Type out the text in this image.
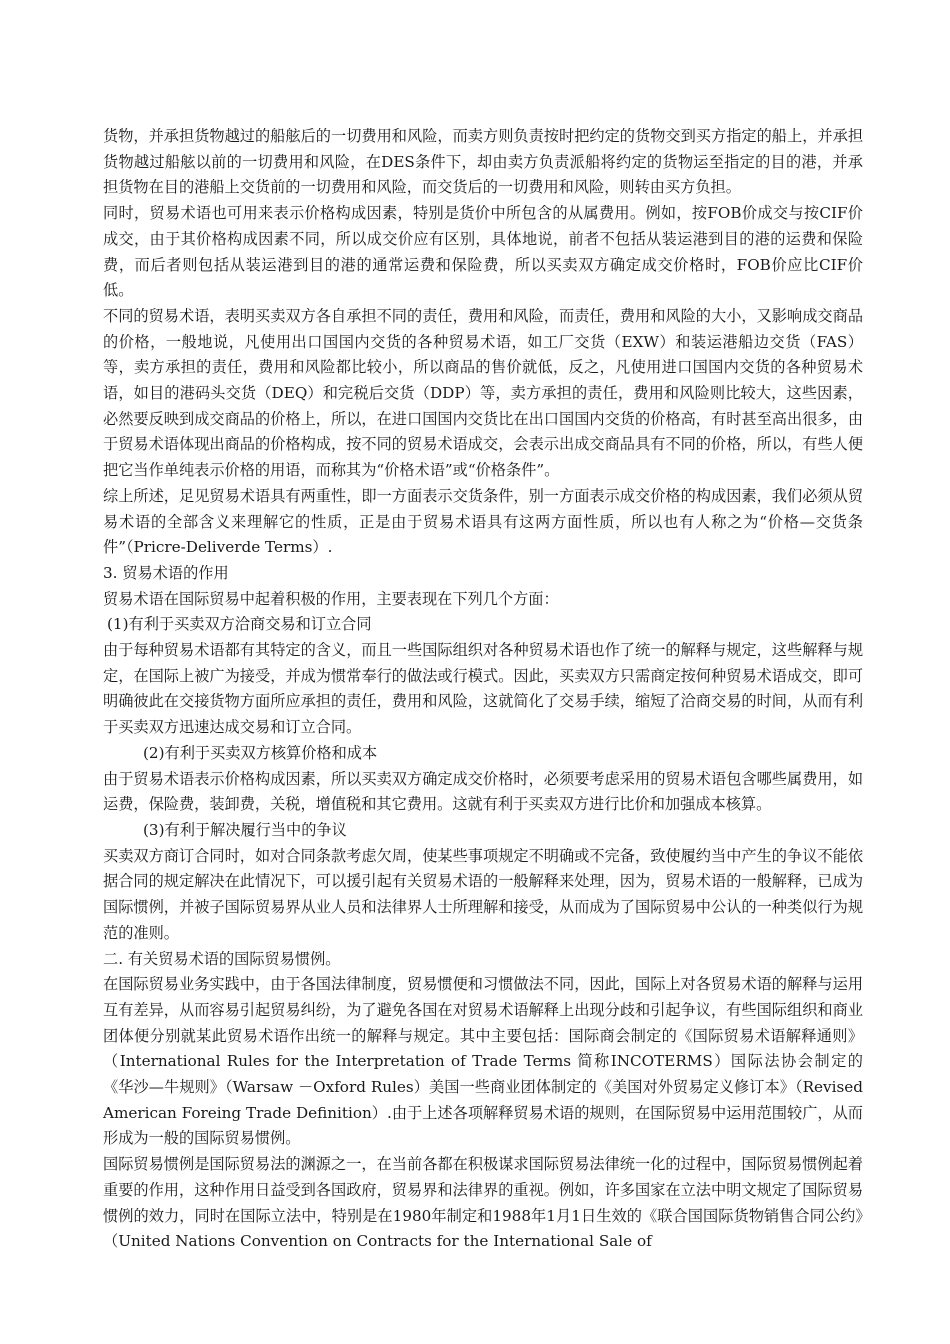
货物，并承担货物越过的船舷后的一切费用和风险，而卖方则负责按时把约定的货物交到买方指定的船上，并承担货物越过船舷以前的一切费用和风险，在DES条件下，却由卖方负责派船将约定的货物运至指定的目的港，并承担货物在目的港船上交货前的一切费用和风险，而交货后的一切费用和风险，则转由买方负担。

同时，贸易术语也可用来表示价格构成因素，特别是货价中所包含的从属费用。例如，按FOB价成交与按CIF价成交，由于其价格构成因素不同，所以成交价应有区别，具体地说，前者不包括从装运港到目的港的运费和保险费，而后者则包括从装运港到目的港的通常运费和保险费，所以买卖双方确定成交价格时，FOB价应比CIF价低。

不同的贸易术语，表明买卖双方各自承担不同的责任，费用和风险，而责任，费用和风险的大小，又影响成交商品的价格，一般地说，凡使用出口国国内交货的各种贸易术语，如工厂交货（EXW）和装运港船边交货（FAS）等，卖方承担的责任，费用和风险都比较小，所以商品的售价就低，反之，凡使用进口国国内交货的各种贸易术语，如目的港码头交货（DEQ）和完税后交货（DDP）等，卖方承担的责任，费用和风险则比较大，这些因素，必然要反映到成交商品的价格上，所以，在进口国国内交货比在出口国国内交货的价格高，有时甚至高出很多，由于贸易术语体现出商品的价格构成，按不同的贸易术语成交，会表示出成交商品具有不同的价格，所以，有些人便把它当作单纯表示价格的用语，而称其为“价格术语”或“价格条件”。

综上所述，足见贸易术语具有两重性，即一方面表示交货条件，别一方面表示成交价格的构成因素，我们必须从贸易术语的全部含义来理解它的性质，正是由于贸易术语具有这两方面性质，所以也有人称之为“价格—交货条件”（Pricre-Deliverde Terms）.

3. 贸易术语的作用

贸易术语在国际贸易中起着积极的作用，主要表现在下列几个方面：

(1)有利于买卖双方洽商交易和订立合同

由于每种贸易术语都有其特定的含义，而且一些国际组织对各种贸易术语也作了统一的解释与规定，这些解释与规定，在国际上被广为接受，并成为惯常奉行的做法或行模式。因此，买卖双方只需商定按何种贸易术语成交，即可明确彼此在交接货物方面所应承担的责任，费用和风险，这就简化了交易手续，缩短了洽商交易的时间，从而有利于买卖双方迅速达成交易和订立合同。

(2)有利于买卖双方核算价格和成本

由于贸易术语表示价格构成因素，所以买卖双方确定成交价格时，必须要考虑采用的贸易术语包含哪些属费用，如运费，保险费，装卸费，关税，增值税和其它费用。这就有利于买卖双方进行比价和加强成本核算。

(3)有利于解决履行当中的争议

买卖双方商订合同时，如对合同条款考虑欠周，使某些事项规定不明确或不完备，致使履约当中产生的争议不能依据合同的规定解决在此情况下，可以援引起有关贸易术语的一般解释来处理，因为，贸易术语的一般解释，已成为国际惯例，并被子国际贸易界从业人员和法律界人士所理解和接受，从而成为了国际贸易中公认的一种类似行为规范的准则。

二. 有关贸易术语的国际贸易惯例。

在国际贸易业务实践中，由于各国法律制度，贸易惯便和习惯做法不同，因此，国际上对各贸易术语的解释与运用互有差异，从而容易引起贸易纠纷，为了避免各国在对贸易术语解释上出现分歧和引起争议，有些国际组织和商业团体便分别就某此贸易术语作出统一的解释与规定。其中主要包括：国际商会制定的《国际贸易术语解释通则》（International Rules for the Interpretation of Trade Terms 简称INCOTERMS）国际法协会制定的《华沙—牛规则》（Warsaw －Oxford Rules）美国一些商业团体制定的《美国对外贸易定义修订本》（Revised American Foreing Trade Definition）.由于上述各项解释贸易术语的规则，在国际贸易中运用范围较广，从而形成为一般的国际贸易惯例。

国际贸易惯例是国际贸易法的渊源之一，在当前各都在积极谋求国际贸易法律统一化的过程中，国际贸易惯例起着重要的作用，这种作用日益受到各国政府，贸易界和法律界的重视。例如，许多国家在立法中明文规定了国际贸易惯例的效力，同时在国际立法中，特别是在1980年制定和1988年1月1日生效的《联合国国际货物销售合同公约》（United Nations Convention on Contracts for the International Sale of
